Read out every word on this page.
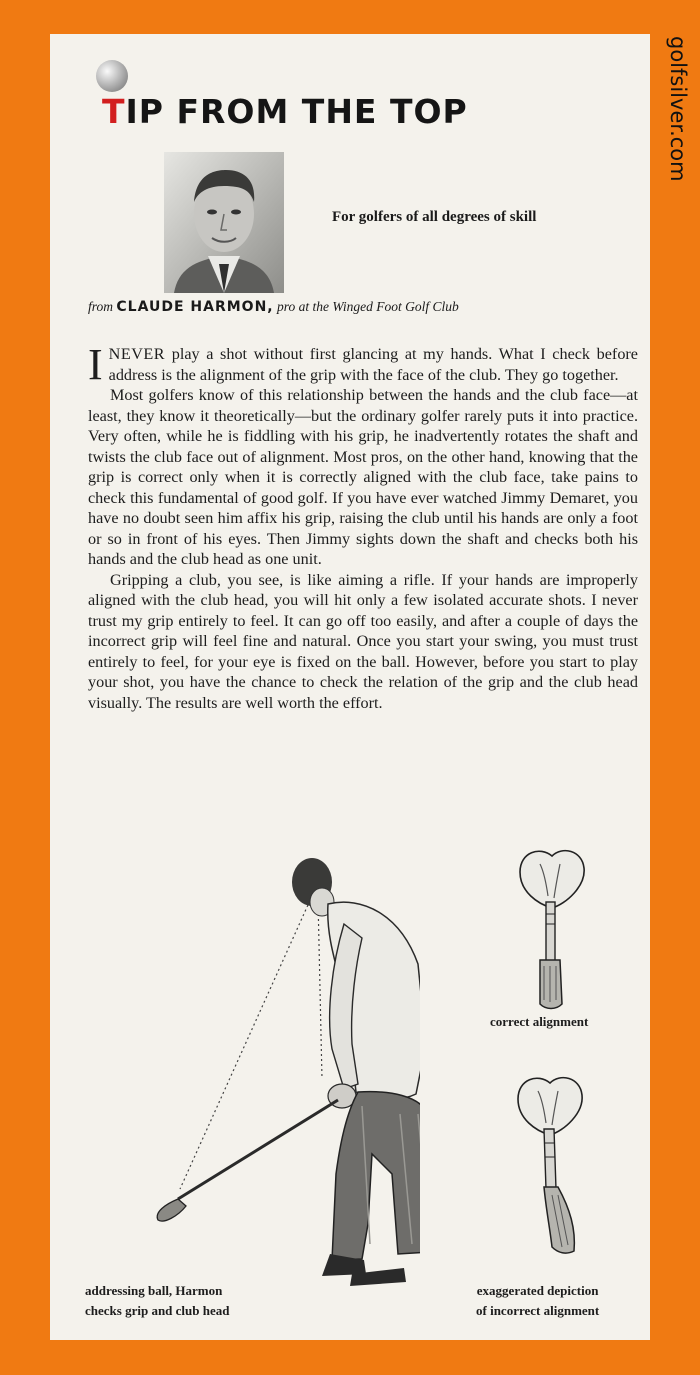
TIP FROM THE TOP
For golfers of all degrees of skill
from CLAUDE HARMON, pro at the Winged Foot Golf Club

INEVER play a shot without first glancing at my hands. What I check before address is the alignment of the grip with the face of the club. They go together.

Most golfers know of this relationship between the hands and the club face—at least, they know it theoretically—but the ordinary golfer rarely puts it into practice. Very often, while he is fiddling with his grip, he inadvertently rotates the shaft and twists the club face out of alignment. Most pros, on the other hand, knowing that the grip is correct only when it is correctly aligned with the club face, take pains to check this fundamental of good golf. If you have ever watched Jimmy Demaret, you have no doubt seen him affix his grip, raising the club until his hands are only a foot or so in front of his eyes. Then Jimmy sights down the shaft and checks both his hands and the club head as one unit.

Gripping a club, you see, is like aiming a rifle. If your hands are improperly aligned with the club head, you will hit only a few isolated accurate shots. I never trust my grip entirely to feel. It can go off too easily, and after a couple of days the incorrect grip will feel fine and natural. Once you start your swing, you must trust entirely to feel, for your eye is fixed on the ball. However, before you start to play your shot, you have the chance to check the relation of the grip and the club head visually. The results are well worth the effort.

addressing ball, Harmon
checks grip and club head
correct alignment
exaggerated depiction
of incorrect alignment
golfsilver.com
